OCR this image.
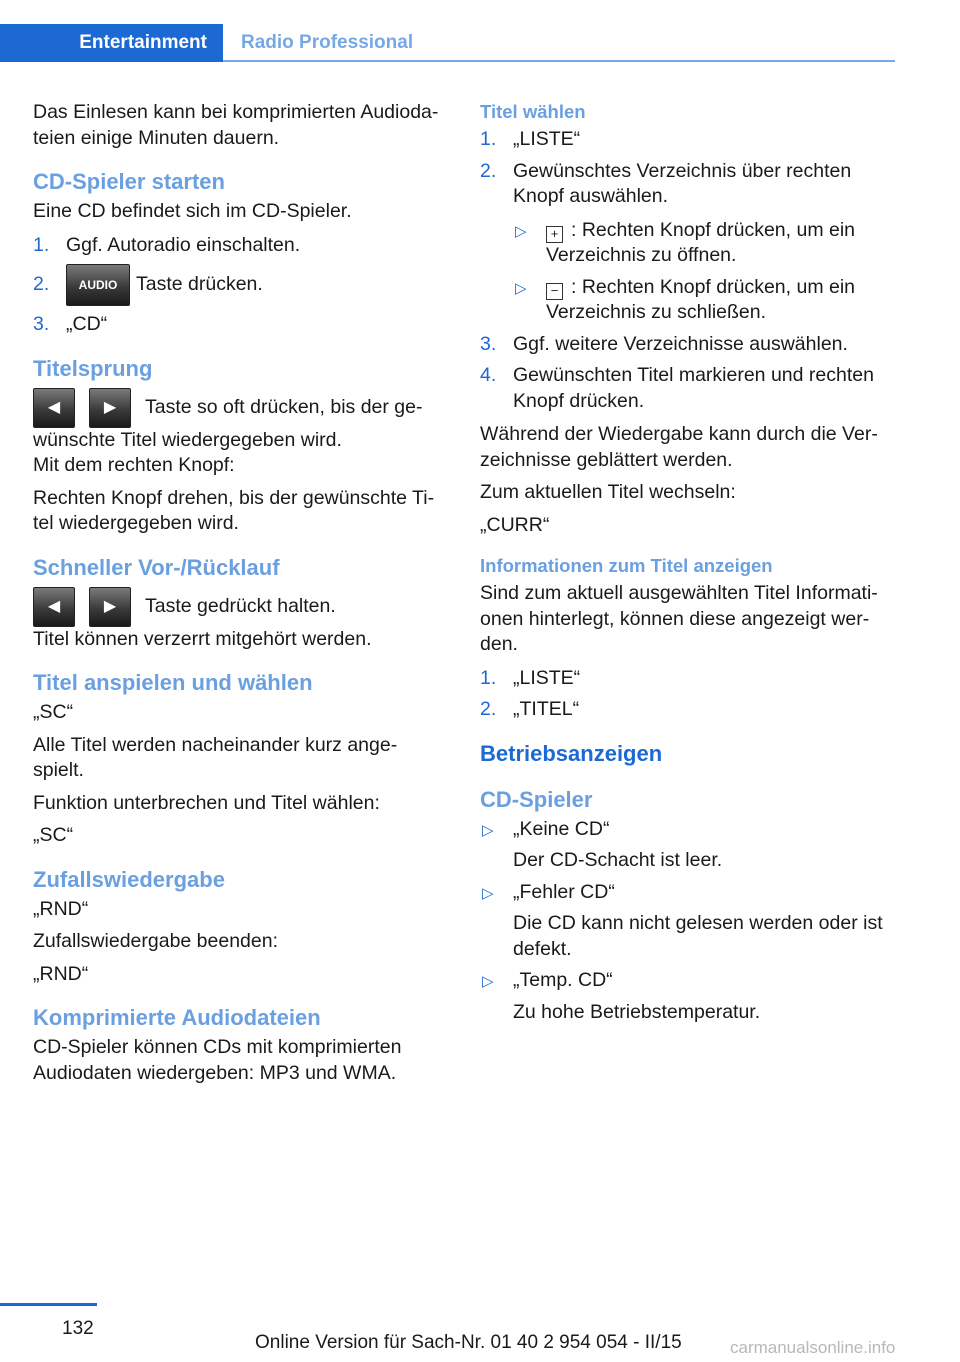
Entertainment	Radio Professional

Das Einlesen kann bei komprimierten Audioda‐ teien einige Minuten dauern.

CD-Spieler starten

Eine CD befindet sich im CD-Spieler.

1. Ggf. Autoradio einschalten.
2. AUDIO Taste drücken.
3. „CD“
Titelsprung

◀	▶ Taste so oft drücken, bis der ge‐ wünschte Titel wiedergegeben wird.

Mit dem rechten Knopf:

Rechten Knopf drehen, bis der gewünschte Ti‐ tel wiedergegeben wird.

Schneller Vor-/Rücklauf

◀	▶ Taste gedrückt halten.

Titel können verzerrt mitgehört werden.

Titel anspielen und wählen

„SC“

Alle Titel werden nacheinander kurz ange‐ spielt.

Funktion unterbrechen und Titel wählen:

„SC“

Zufallswiedergabe

„RND“

Zufallswiedergabe beenden:

„RND“

Komprimierte Audiodateien

CD-Spieler können CDs mit komprimierten Audiodaten wiedergeben: MP3 und WMA.

Titel wählen
1. „LISTE“
2. Gewünschtes Verzeichnis über rechten Knopf auswählen.
▷ + : Rechten Knopf drücken, um ein Verzeichnis zu öffnen.
▷ − : Rechten Knopf drücken, um ein Verzeichnis zu schließen.
3. Ggf. weitere Verzeichnisse auswählen.
4. Gewünschten Titel markieren und rechten Knopf drücken.

Während der Wiedergabe kann durch die Ver‐ zeichnisse geblättert werden.

Zum aktuellen Titel wechseln:

„CURR“

Informationen zum Titel anzeigen

Sind zum aktuell ausgewählten Titel Informati‐ onen hinterlegt, können diese angezeigt wer‐ den.

1. „LISTE“
2. „TITEL“
Betriebsanzeigen
CD-Spieler
▷ „Keine CD“
Der CD-Schacht ist leer.
▷ „Fehler CD“
Die CD kann nicht gelesen werden oder ist defekt.
▷ „Temp. CD“
Zu hohe Betriebstemperatur.
132
Online Version für Sach-Nr. 01 40 2 954 054 - II/15	carmanualsonline.info
